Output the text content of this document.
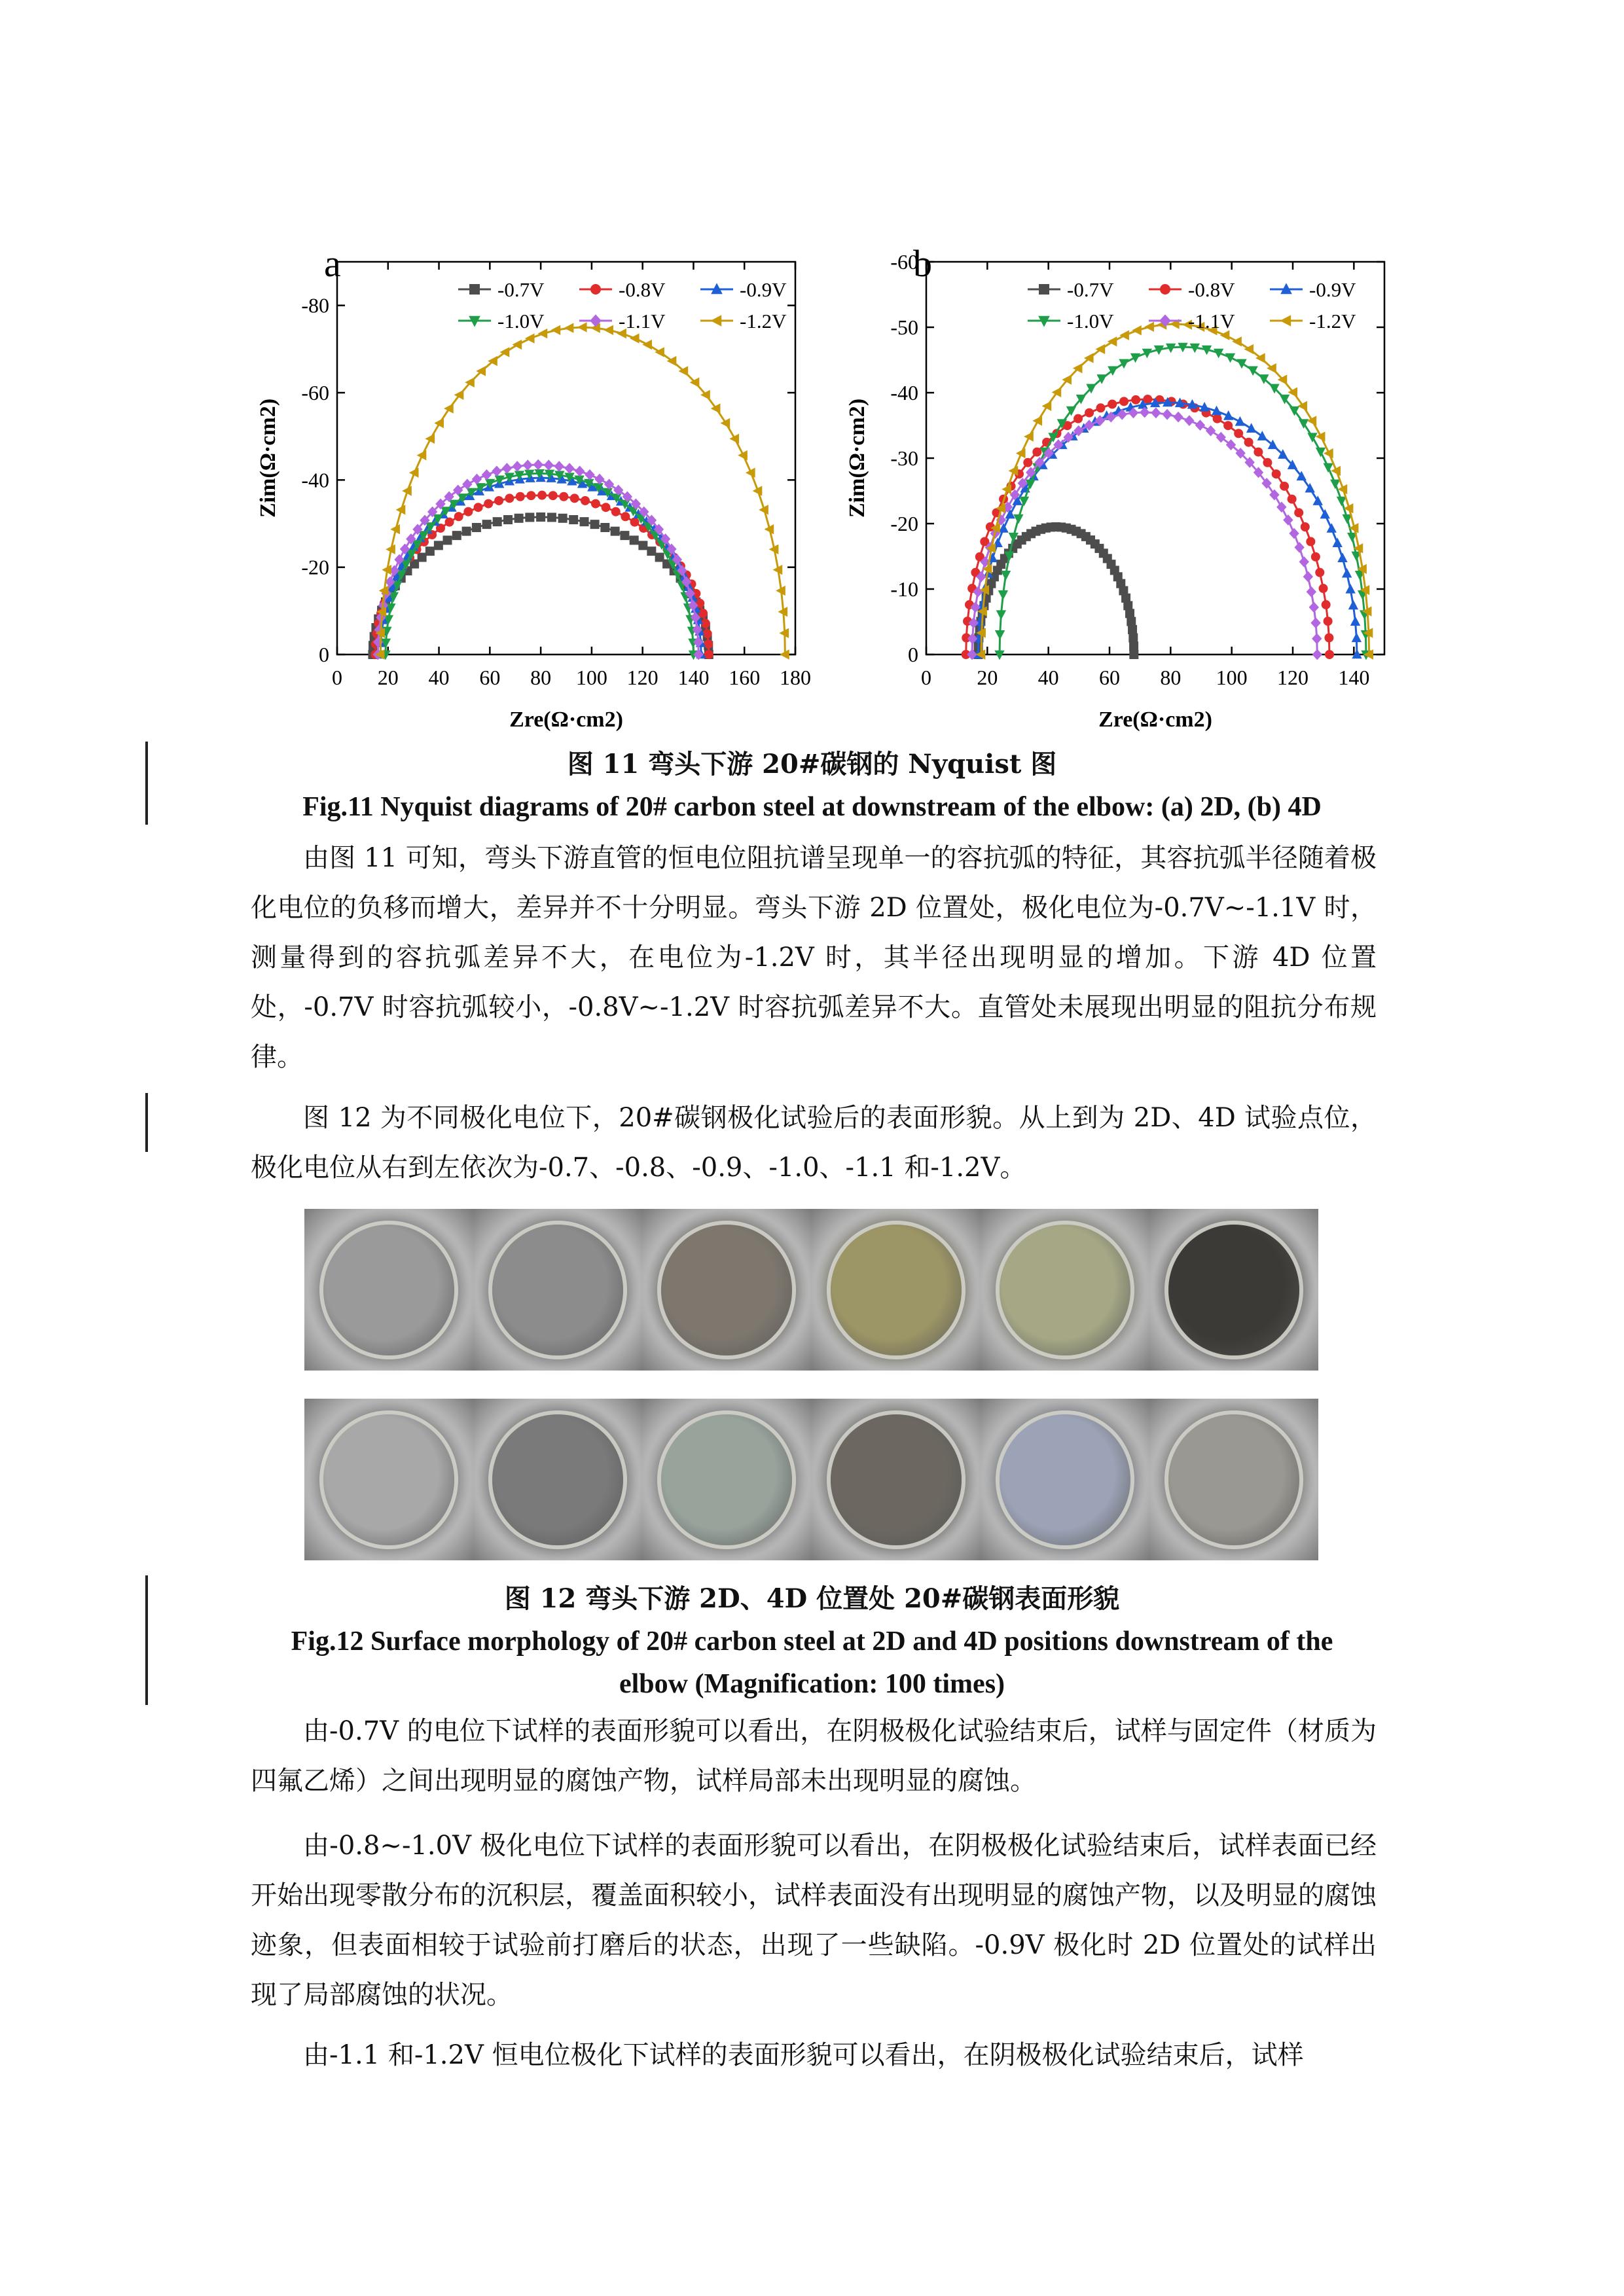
a
0 20 40 60 80 100 120 140 160 180
0
-20
-40
-60
-80
Zre(Ω·cm2)
Zim(Ω·cm2)
-0.7V	-0.8V	-0.9V
-1.0V	-1.1V	-1.2V
b
0 20 40 60 80 100 120 140
0
-10
-20
-30
-40
-50
-60
Zre(Ω·cm2)
Zim(Ω·cm2)
-0.7V	-0.8V	-0.9V
-1.0V	-1.1V	-1.2V
图 11 弯头下游 20#碳钢的 Nyquist 图
Fig.11 Nyquist diagrams of 20# carbon steel at downstream of the elbow: (a) 2D, (b) 4D

由图 11 可知，弯头下游直管的恒电位阻抗谱呈现单一的容抗弧的特征，其容抗弧半径随着极化电位的负移而增大，差异并不十分明显。弯头下游 2D 位置处，极化电位为-0.7V~-1.1V 时，测量得到的容抗弧差异不大，在电位为-1.2V 时，其半径出现明显的增加。下游 4D 位置处，-0.7V 时容抗弧较小，-0.8V~-1.2V 时容抗弧差异不大。直管处未展现出明显的阻抗分布规律。

图 12 为不同极化电位下，20#碳钢极化试验后的表面形貌。从上到为 2D、4D 试验点位，极化电位从右到左依次为-0.7、-0.8、-0.9、-1.0、-1.1 和-1.2V。

图 12 弯头下游 2D、4D 位置处 20#碳钢表面形貌
Fig.12 Surface morphology of 20# carbon steel at 2D and 4D positions downstream of the
elbow (Magnification: 100 times)

由-0.7V 的电位下试样的表面形貌可以看出，在阴极极化试验结束后，试样与固定件（材质为四氟乙烯）之间出现明显的腐蚀产物，试样局部未出现明显的腐蚀。

由-0.8~-1.0V 极化电位下试样的表面形貌可以看出，在阴极极化试验结束后，试样表面已经开始出现零散分布的沉积层，覆盖面积较小，试样表面没有出现明显的腐蚀产物，以及明显的腐蚀迹象，但表面相较于试验前打磨后的状态，出现了一些缺陷。-0.9V 极化时 2D 位置处的试样出现了局部腐蚀的状况。

由-1.1 和-1.2V 恒电位极化下试样的表面形貌可以看出，在阴极极化试验结束后，试样
